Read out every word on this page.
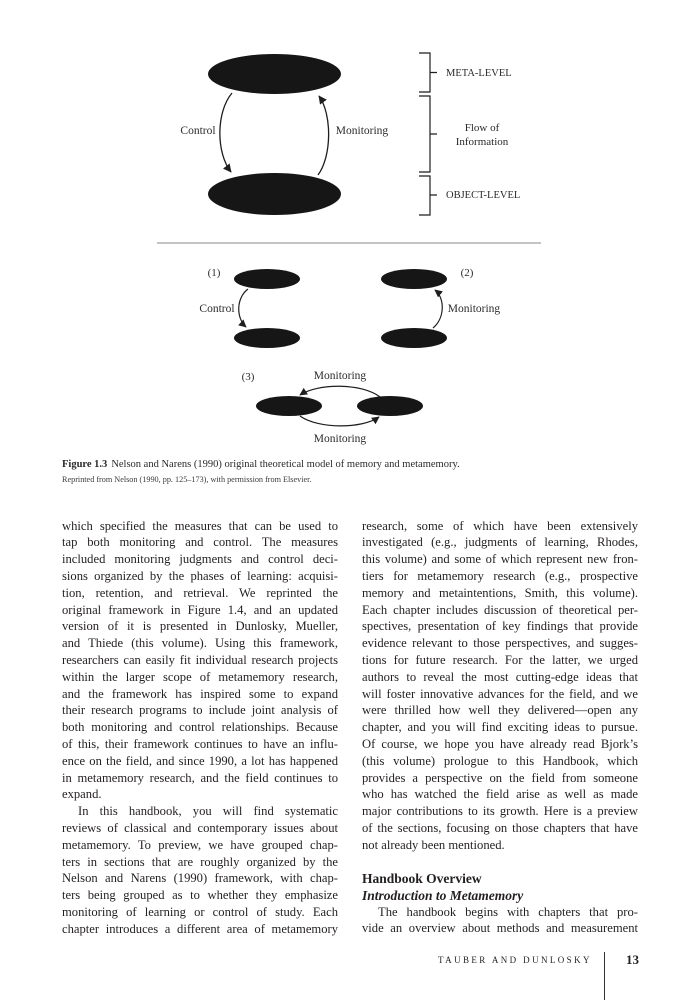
Control	Monitoring
META-LEVEL
Flow of
Information
OBJECT-LEVEL
(1)
Control
(2)
Monitoring
(3)	Monitoring
Monitoring
Figure 1.3 Nelson and Narens (1990) original theoretical model of memory and metamemory.
Reprinted from Nelson (1990, pp. 125–173), with permission from Elsevier.
which specified the measures that can be used to
tap both monitoring and control. The measures
included monitoring judgments and control deci-
sions organized by the phases of learning: acquisi-
tion, retention, and retrieval. We reprinted the
original framework in Figure 1.4, and an updated
version of it is presented in Dunlosky, Mueller,
and Thiede (this volume). Using this framework,
researchers can easily fit individual research projects
within the larger scope of metamemory research,
and the framework has inspired some to expand
their research programs to include joint analysis of
both monitoring and control relationships. Because
of this, their framework continues to have an influ-
ence on the field, and since 1990, a lot has happened
in metamemory research, and the field continues to
expand.
In this handbook, you will find systematic
reviews of classical and contemporary issues about
metamemory. To preview, we have grouped chap-
ters in sections that are roughly organized by the
Nelson and Narens (1990) framework, with chap-
ters being grouped as to whether they emphasize
monitoring of learning or control of study. Each
chapter introduces a different area of metamemory
research, some of which have been extensively
investigated (e.g., judgments of learning, Rhodes,
this volume) and some of which represent new fron-
tiers for metamemory research (e.g., prospective
memory and metaintentions, Smith, this volume).
Each chapter includes discussion of theoretical per-
spectives, presentation of key findings that provide
evidence relevant to those perspectives, and sugges-
tions for future research. For the latter, we urged
authors to reveal the most cutting-edge ideas that
will foster innovative advances for the field, and we
were thrilled how well they delivered—open any
chapter, and you will find exciting ideas to pursue.
Of course, we hope you have already read Bjork’s
(this volume) prologue to this Handbook, which
provides a perspective on the field from someone
who has watched the field arise as well as made
major contributions to its growth. Here is a preview
of the sections, focusing on those chapters that have
not already been mentioned.
Handbook Overview
Introduction to Metamemory
The handbook begins with chapters that pro-
vide an overview about methods and measurement
TAUBER AND DUNLOSKY	13
